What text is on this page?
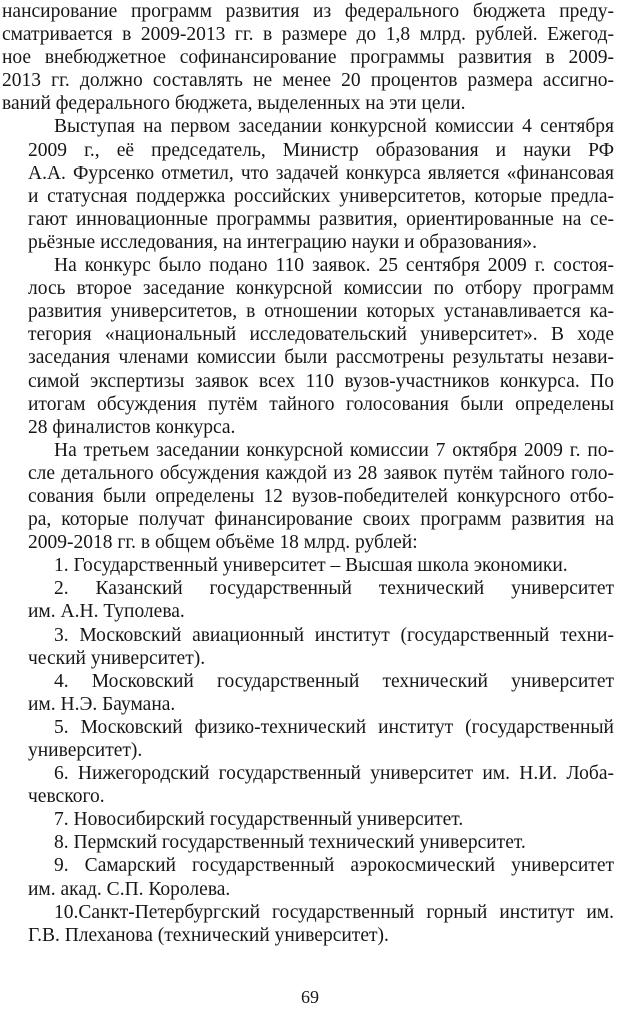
нансирование программ развития из федерального бюджета преду-
сматривается в 2009-2013 гг. в размере до 1,8 млрд. рублей. Ежегод-
ное внебюджетное софинансирование программы развития в 2009-
2013 гг. должно составлять не менее 20 процентов размера ассигно-
ваний федерального бюджета, выделенных на эти цели.

Выступая на первом заседании конкурсной комиссии 4 сентября
2009 г., её председатель, Министр образования и науки РФ
А.А. Фурсенко отметил, что задачей конкурса является «финансовая
и статусная поддержка российских университетов, которые предла-
гают инновационные программы развития, ориентированные на се-
рьёзные исследования, на интеграцию науки и образования».

На конкурс было подано 110 заявок. 25 сентября 2009 г. состоя-
лось второе заседание конкурсной комиссии по отбору программ
развития университетов, в отношении которых устанавливается ка-
тегория «национальный исследовательский университет». В ходе
заседания членами комиссии были рассмотрены результаты незави-
симой экспертизы заявок всех 110 вузов-участников конкурса. По
итогам обсуждения путём тайного голосования были определены
28 финалистов конкурса.

На третьем заседании конкурсной комиссии 7 октября 2009 г. по-
сле детального обсуждения каждой из 28 заявок путём тайного голо-
сования были определены 12 вузов-победителей конкурсного отбо-
ра, которые получат финансирование своих программ развития на
2009-2018 гг. в общем объёме 18 млрд. рублей:

1. Государственный университет – Высшая школа экономики.

2. Казанский государственный технический университет
им. А.Н. Туполева.

3. Московский авиационный институт (государственный техни-
ческий университет).

4. Московский государственный технический университет
им. Н.Э. Баумана.

5. Московский физико-технический институт (государственный
университет).

6. Нижегородский государственный университет им. Н.И. Лоба-
чевского.

7. Новосибирский государственный университет.

8. Пермский государственный технический университет.

9. Самарский государственный аэрокосмический университет
им. акад. С.П. Королева.

10.Санкт-Петербургский государственный горный институт им.
Г.В. Плеханова (технический университет).

69
